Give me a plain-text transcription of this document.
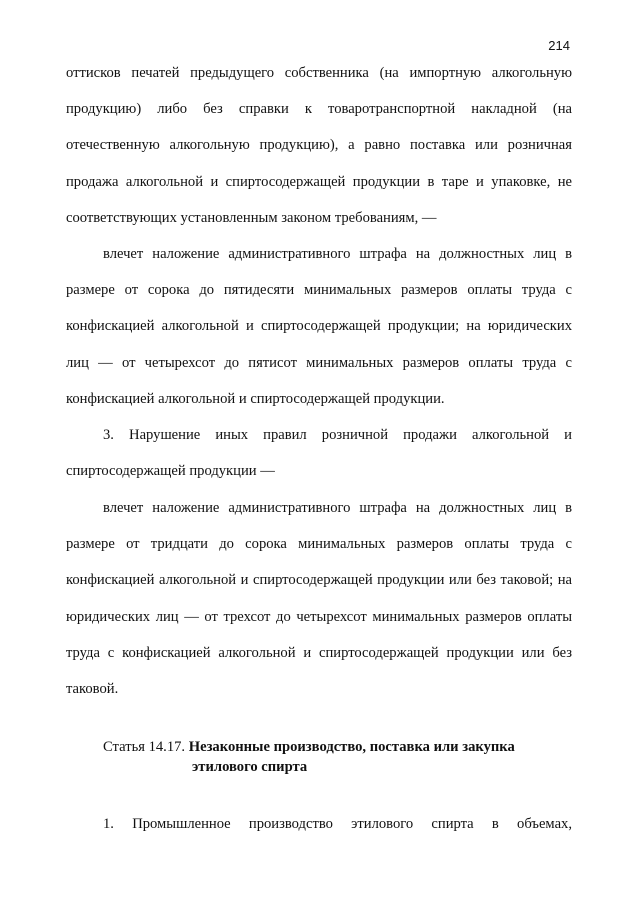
214

оттисков печатей предыдущего собственника (на импортную алкогольную продукцию) либо без справки к товаротранспортной накладной (на отечественную алкогольную продукцию), а равно поставка или розничная продажа алкогольной и спиртосодержащей продукции в таре и упаковке, не соответствующих установленным законом требованиям, —

влечет наложение административного штрафа на должностных лиц в размере от сорока до пятидесяти минимальных размеров оплаты труда с конфискацией алкогольной и спиртосодержащей продукции; на юридических лиц — от четырехсот до пятисот минимальных размеров оплаты труда с конфискацией алкогольной и спиртосодержащей продукции.

3. Нарушение иных правил розничной продажи алкогольной и спиртосодержащей продукции —

влечет наложение административного штрафа на должностных лиц в размере от тридцати до сорока минимальных размеров оплаты труда с конфискацией алкогольной и спиртосодержащей продукции или без таковой; на юридических лиц — от трехсот до четырехсот минимальных размеров оплаты труда с конфискацией алкогольной и спиртосодержащей продукции или без таковой.

Статья 14.17. Незаконные производство, поставка или закупка
этилового спирта
1. Промышленное производство этилового спирта в объемах,
